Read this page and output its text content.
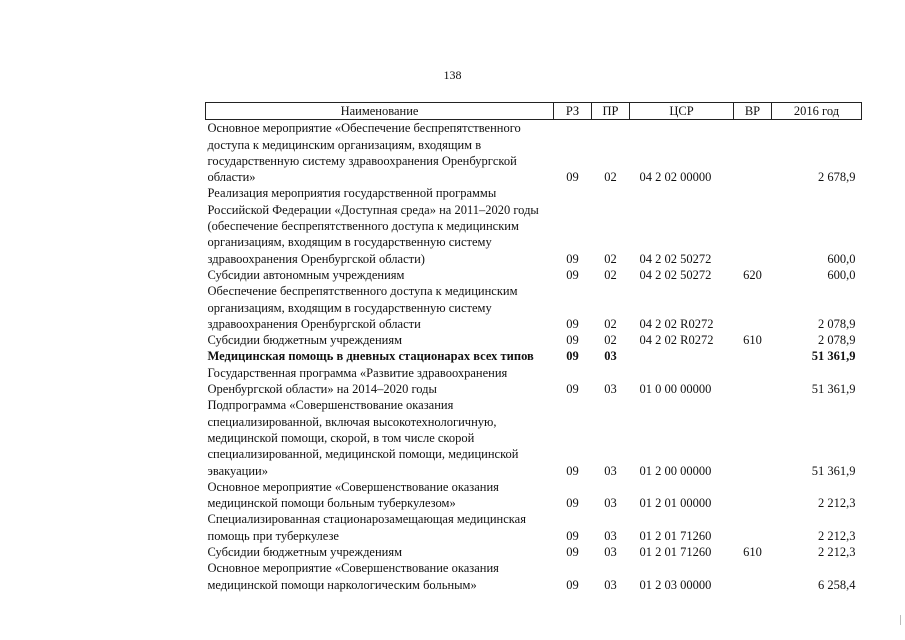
138
Наименование	РЗ	ПР	ЦСР	ВР	2016 год
Основное мероприятие «Обеспечение беспрепятственного доступа к медицинским организациям, входящим в государственную систему здравоохранения Оренбургской области»	09	02	04 2 02 00000		2 678,9
Реализация мероприятия государственной программы Российской Федерации «Доступная среда» на 2011–2020 годы (обеспечение беспрепятственного доступа к медицинским организациям, входящим в государственную систему здравоохранения Оренбургской области)	09	02	04 2 02 50272		600,0
Субсидии автономным учреждениям	09	02	04 2 02 50272	620	600,0
Обеспечение беспрепятственного доступа к медицинским организациям, входящим в государственную систему здравоохранения Оренбургской области	09	02	04 2 02 R0272		2 078,9
Субсидии бюджетным учреждениям	09	02	04 2 02 R0272	610	2 078,9
Медицинская помощь в дневных стационарах всех типов	09	03			51 361,9
Государственная программа «Развитие здравоохранения Оренбургской области» на 2014–2020 годы	09	03	01 0 00 00000		51 361,9
Подпрограмма «Совершенствование оказания специализированной, включая высокотехнологичную, медицинской помощи, скорой, в том числе скорой специализированной, медицинской помощи, медицинской эвакуации»	09	03	01 2 00 00000		51 361,9
Основное мероприятие «Совершенствование оказания медицинской помощи больным туберкулезом»	09	03	01 2 01 00000		2 212,3
Специализированная стационарозамещающая медицинская помощь при туберкулезе	09	03	01 2 01 71260		2 212,3
Субсидии бюджетным учреждениям	09	03	01 2 01 71260	610	2 212,3
Основное мероприятие «Совершенствование оказания медицинской помощи наркологическим больным»	09	03	01 2 03 00000		6 258,4
